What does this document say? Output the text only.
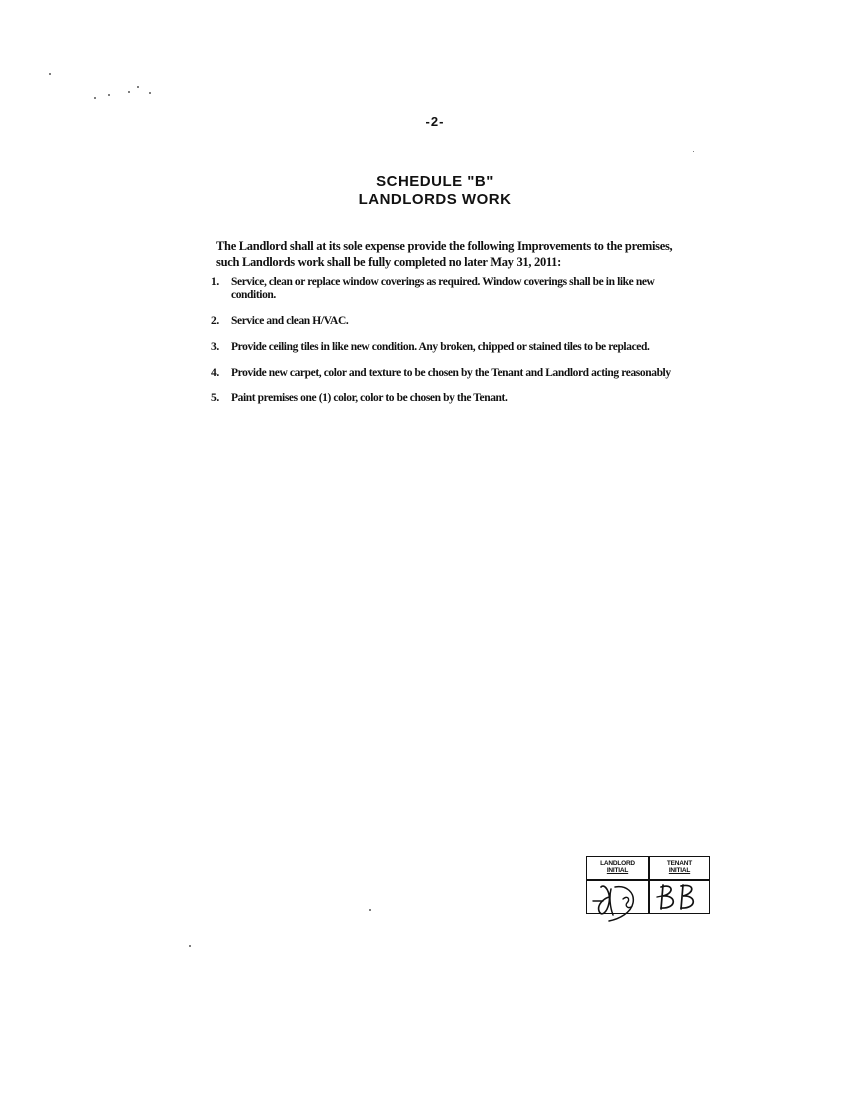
-2-
SCHEDULE "B"
LANDLORDS WORK
The Landlord shall at its sole expense provide the following Improvements to the premises, such Landlords work shall be fully completed no later May 31, 2011:
1. Service, clean or replace window coverings as required. Window coverings shall be in like new condition.
2. Service and clean H/VAC.
3. Provide ceiling tiles in like new condition. Any broken, chipped or stained tiles to be replaced.
4. Provide new carpet, color and texture to be chosen by the Tenant and Landlord acting reasonably
5. Paint premises one (1) color, color to be chosen by the Tenant.
LANDLORD
INITIAL
TENANT
INITIAL
